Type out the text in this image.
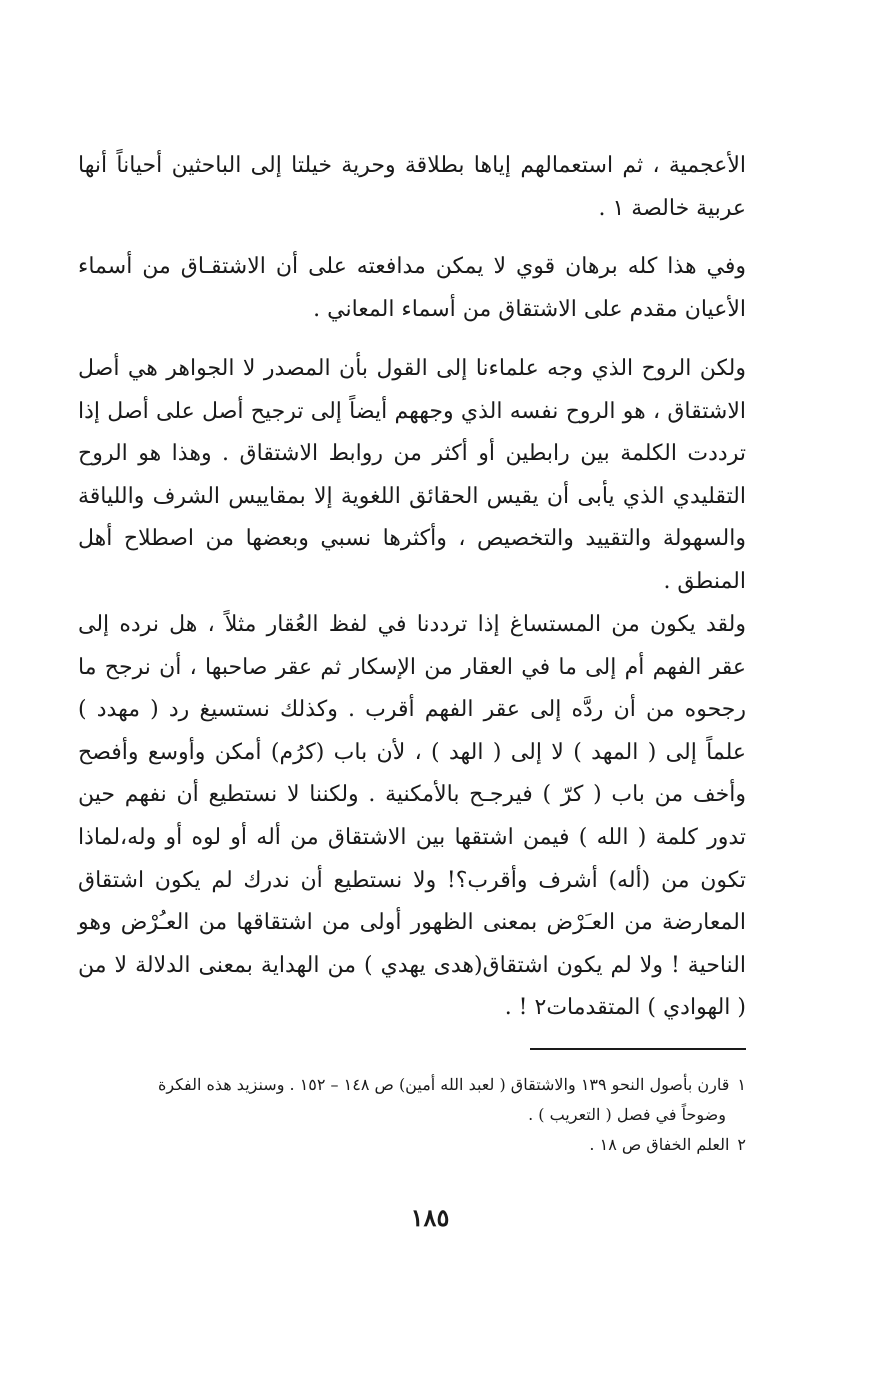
الأعجمية ، ثم استعمالهم إياها بطلاقة وحرية خيلتا إلى الباحثين أحياناً أنها عربية خالصة ١ .

وفي هذا كله برهان قوي لا يمكن مدافعته على أن الاشتقـاق من أسماء الأعيان مقدم على الاشتقاق من أسماء المعاني .

ولكن الروح الذي وجه علماءنا إلى القول بأن المصدر لا الجواهر هي أصل الاشتقاق ، هو الروح نفسه الذي وجههم أيضاً إلى ترجيح أصل على أصل إذا ترددت الكلمة بين رابطين أو أكثر من روابط الاشتقاق . وهذا هو الروح التقليدي الذي يأبى أن يقيس الحقائق اللغوية إلا بمقاييس الشرف واللياقة والسهولة والتقييد والتخصيص ، وأكثرها نسبي وبعضها من اصطلاح أهل المنطق .

ولقد يكون من المستساغ إذا ترددنا في لفظ العُقار مثلاً ، هل نرده إلى عقر الفهم أم إلى ما في العقار من الإسكار ثم عقر صاحبها ، أن نرجح ما رجحوه من أن ردَّه إلى عقر الفهم أقرب . وكذلك نستسيغ رد ( مهدد ) علماً إلى ( المهد ) لا إلى ( الهد ) ، لأن باب (كرُم) أمكن وأوسع وأفصح وأخف من باب ( كرّ ) فيرجـح بالأمكنية . ولكننا لا نستطيع أن نفهم حين تدور كلمة ( الله ) فيمن اشتقها بين الاشتقاق من أله أو لوه أو وله،لماذا تكون من (أله) أشرف وأقرب؟! ولا نستطيع أن ندرك لم يكون اشتقاق المعارضة من العـَرْض بمعنى الظهور أولى من اشتقاقها من العـُرْض وهو الناحية ! ولا لم يكون اشتقاق(هدى يهدي ) من الهداية بمعنى الدلالة لا من ( الهوادي ) المتقدمات٢ ! .

١قارن بأصول النحو ١٣٩ والاشتقاق ( لعبد الله أمين) ص ١٤٨ – ١٥٢ . وسنزيد هذه الفكرة

وضوحاً في فصل ( التعريب ) .

٢العلم الخفاق ص ١٨ .

١٨٥
